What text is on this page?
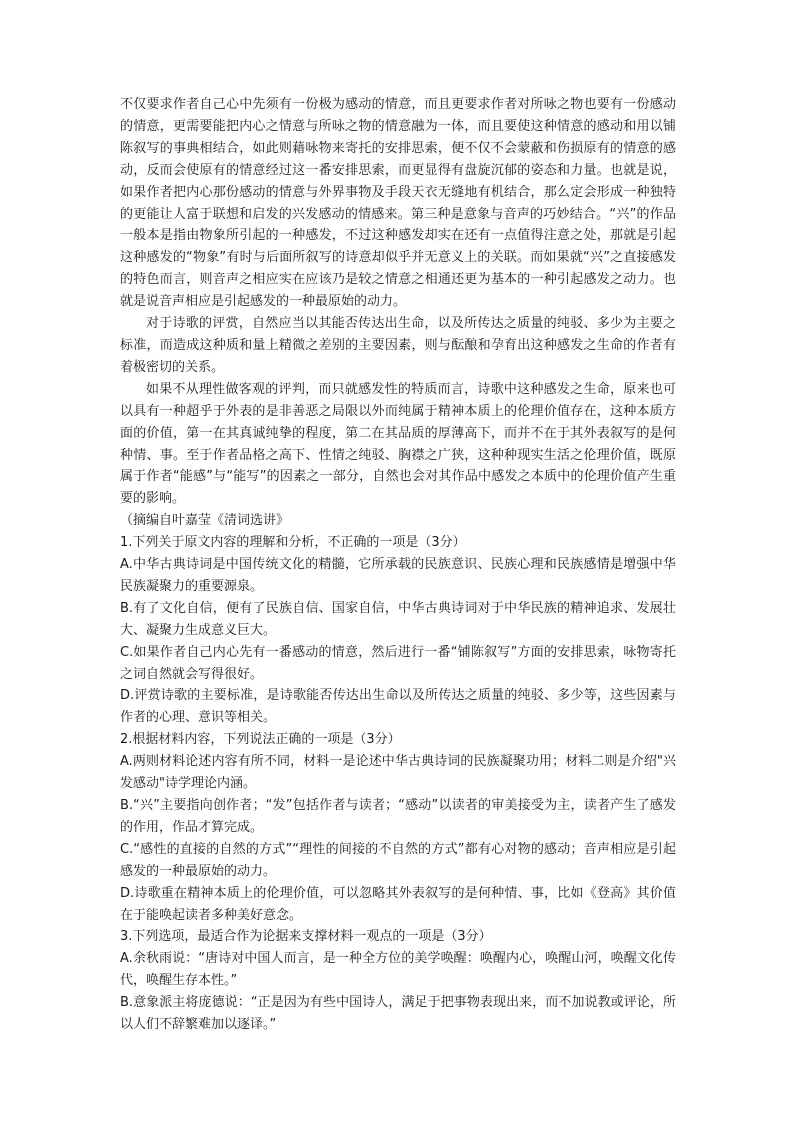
不仅要求作者自己心中先须有一份极为感动的情意，而且更要求作者对所咏之物也要有一份感动的情意，更需要能把内心之情意与所咏之物的情意融为一体，而且要使这种情意的感动和用以铺陈叙写的事典相结合，如此则藉咏物来寄托的安排思索，便不仅不会蒙蔽和伤损原有的情意的感动，反而会使原有的情意经过这一番安排思索，而更显得有盘旋沉郁的姿态和力量。也就是说，如果作者把内心那份感动的情意与外界事物及手段天衣无缝地有机结合，那么定会形成一种独特的更能让人富于联想和启发的兴发感动的情感来。第三种是意象与音声的巧妙结合。“兴”的作品一般本是指由物象所引起的一种感发，不过这种感发却实在还有一点值得注意之处，那就是引起这种感发的“物象”有时与后面所叙写的诗意却似乎并无意义上的关联。而如果就“兴”之直接感发的特色而言，则音声之相应实在应该乃是较之情意之相通还更为基本的一种引起感发之动力。也就是说音声相应是引起感发的一种最原始的动力。

对于诗歌的评赏，自然应当以其能否传达出生命，以及所传达之质量的纯驳、多少为主要之标准，而造成这种质和量上精微之差别的主要因素，则与酝酿和孕育出这种感发之生命的作者有着极密切的关系。

如果不从理性做客观的评判，而只就感发性的特质而言，诗歌中这种感发之生命，原来也可以具有一种超乎于外表的是非善恶之局限以外而纯属于精神本质上的伦理价值存在，这种本质方面的价值，第一在其真诚纯挚的程度，第二在其品质的厚薄高下，而并不在于其外表叙写的是何种情、事。至于作者品格之高下、性情之纯驳、胸襟之广狭，这种种现实生活之伦理价值，既原属于作者“能感”与“能写”的因素之一部分，自然也会对其作品中感发之本质中的伦理价值产生重要的影响。

（摘编自叶嘉莹《清词选讲》

1.下列关于原文内容的理解和分析，不正确的一项是（3分）

A.中华古典诗词是中国传统文化的精髓，它所承载的民族意识、民族心理和民族感情是增强中华民族凝聚力的重要源泉。

B.有了文化自信，便有了民族自信、国家自信，中华古典诗词对于中华民族的精神追求、发展壮大、凝聚力生成意义巨大。

C.如果作者自己内心先有一番感动的情意，然后进行一番“铺陈叙写”方面的安排思索，咏物寄托之词自然就会写得很好。

D.评赏诗歌的主要标准，是诗歌能否传达出生命以及所传达之质量的纯驳、多少等，这些因素与作者的心理、意识等相关。

2.根据材料内容，下列说法正确的一项是（3分）

A.两则材料论述内容有所不同，材料一是论述中华古典诗词的民族凝聚功用；材料二则是介绍"兴发感动"诗学理论内涵。

B.“兴”主要指向创作者；“发”包括作者与读者；“感动”以读者的审美接受为主，读者产生了感发的作用，作品才算完成。

C.“感性的直接的自然的方式”“理性的间接的不自然的方式”都有心对物的感动；音声相应是引起感发的一种最原始的动力。

D.诗歌重在精神本质上的伦理价值，可以忽略其外表叙写的是何种情、事，比如《登高》其价值在于能唤起读者多种美好意念。

3.下列选项，最适合作为论据来支撑材料一观点的一项是（3分）

A.余秋雨说：“唐诗对中国人而言，是一种全方位的美学唤醒：唤醒内心，唤醒山河，唤醒文化传代，唤醒生存本性。”

B.意象派主将庞德说：“正是因为有些中国诗人，满足于把事物表现出来，而不加说教或评论，所以人们不辞繁难加以逐译。”
